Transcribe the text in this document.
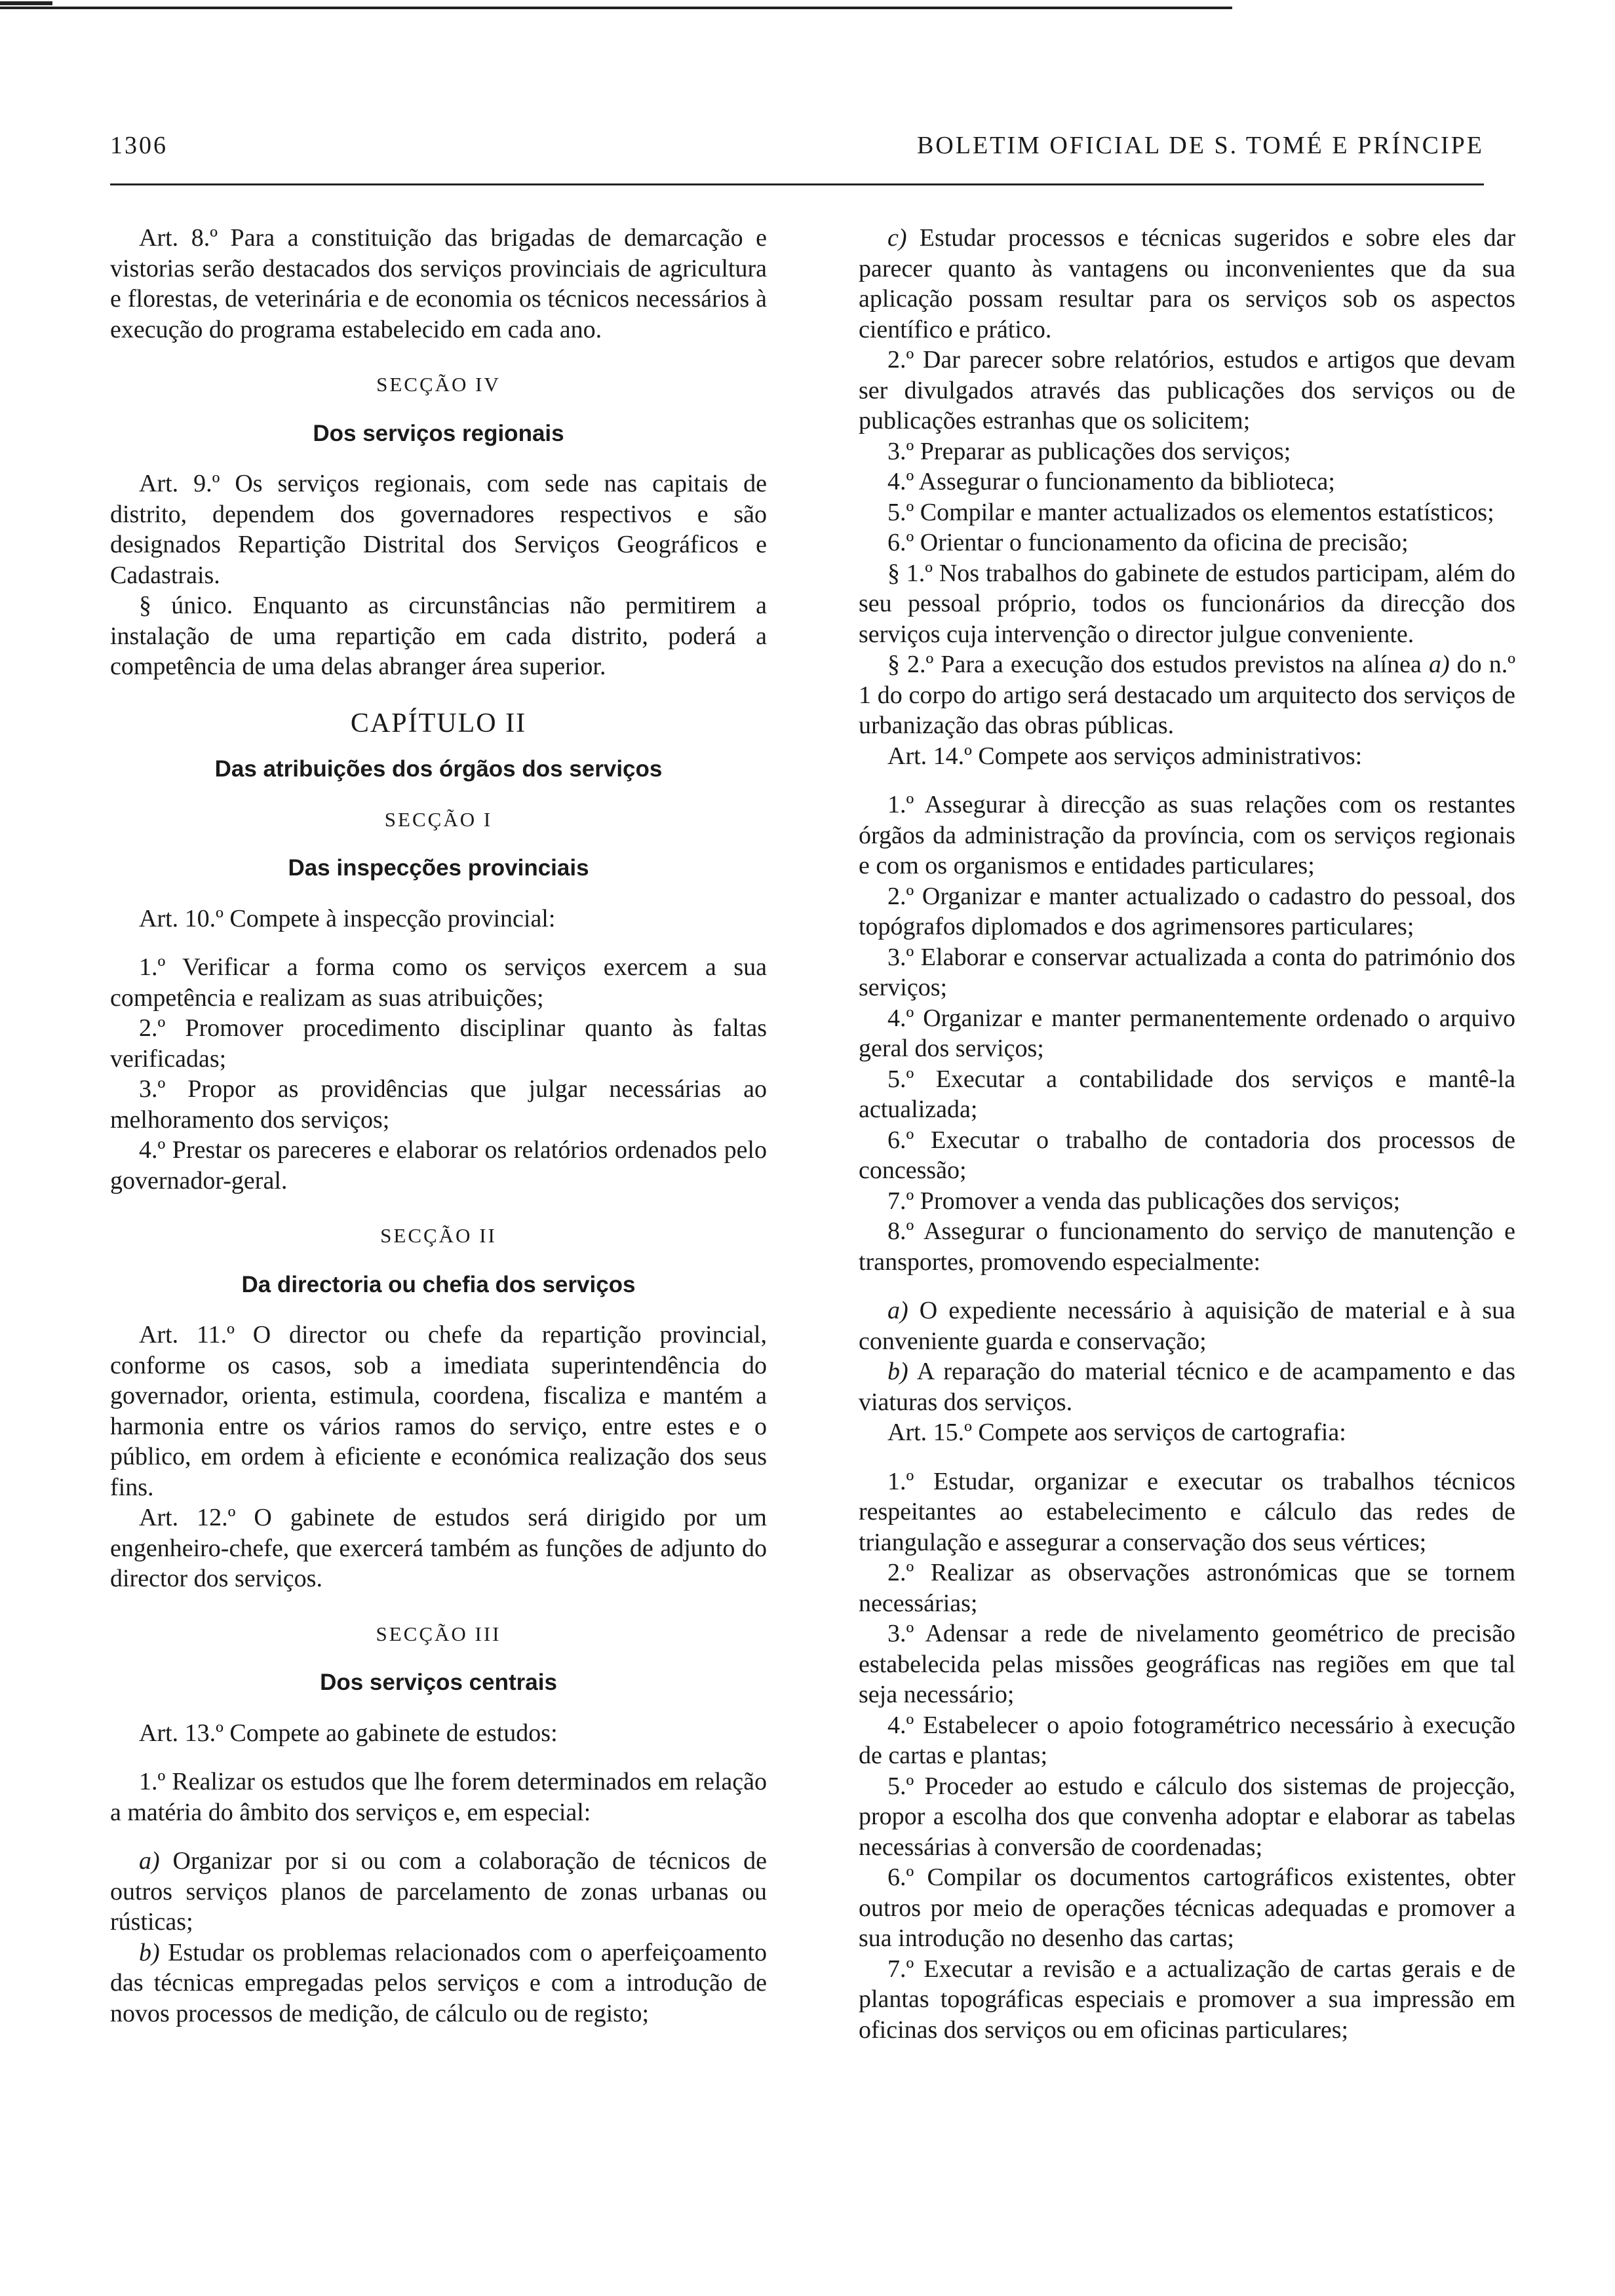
1306	BOLETIM OFICIAL DE S. TOMÉ E PRÍNCIPE

Art. 8.º Para a constituição das brigadas de demarcação e vistorias serão destacados dos serviços provinciais de agricultura e florestas, de veterinária e de economia os técnicos necessários à execução do programa estabelecido em cada ano.

SECÇÃO IV
Dos serviços regionais

Art. 9.º Os serviços regionais, com sede nas capitais de distrito, dependem dos governadores respectivos e são designados Repartição Distrital dos Serviços Geográficos e Cadastrais.

§ único. Enquanto as circunstâncias não permitirem a instalação de uma repartição em cada distrito, poderá a competência de uma delas abranger área superior.

CAPÍTULO II
Das atribuições dos órgãos dos serviços
SECÇÃO I
Das inspecções provinciais

Art. 10.º Compete à inspecção provincial:

1.º Verificar a forma como os serviços exercem a sua competência e realizam as suas atribuições;

2.º Promover procedimento disciplinar quanto às faltas verificadas;

3.º Propor as providências que julgar necessárias ao melhoramento dos serviços;

4.º Prestar os pareceres e elaborar os relatórios ordenados pelo governador-geral.

SECÇÃO II
Da directoria ou chefia dos serviços

Art. 11.º O director ou chefe da repartição provincial, conforme os casos, sob a imediata superintendência do governador, orienta, estimula, coordena, fiscaliza e mantém a harmonia entre os vários ramos do serviço, entre estes e o público, em ordem à eficiente e económica realização dos seus fins.

Art. 12.º O gabinete de estudos será dirigido por um engenheiro-chefe, que exercerá também as funções de adjunto do director dos serviços.

SECÇÃO III
Dos serviços centrais

Art. 13.º Compete ao gabinete de estudos:

1.º Realizar os estudos que lhe forem determinados em relação a matéria do âmbito dos serviços e, em especial:

a) Organizar por si ou com a colaboração de técnicos de outros serviços planos de parcelamento de zonas urbanas ou rústicas;

b) Estudar os problemas relacionados com o aperfeiçoamento das técnicas empregadas pelos serviços e com a introdução de novos processos de medição, de cálculo ou de registo;

c) Estudar processos e técnicas sugeridos e sobre eles dar parecer quanto às vantagens ou inconvenientes que da sua aplicação possam resultar para os serviços sob os aspectos científico e prático.

2.º Dar parecer sobre relatórios, estudos e artigos que devam ser divulgados através das publicações dos serviços ou de publicações estranhas que os solicitem;

3.º Preparar as publicações dos serviços;

4.º Assegurar o funcionamento da biblioteca;

5.º Compilar e manter actualizados os elementos estatísticos;

6.º Orientar o funcionamento da oficina de precisão;

§ 1.º Nos trabalhos do gabinete de estudos participam, além do seu pessoal próprio, todos os funcionários da direcção dos serviços cuja intervenção o director julgue conveniente.

§ 2.º Para a execução dos estudos previstos na alínea a) do n.º 1 do corpo do artigo será destacado um arquitecto dos serviços de urbanização das obras públicas.

Art. 14.º Compete aos serviços administrativos:

1.º Assegurar à direcção as suas relações com os restantes órgãos da administração da província, com os serviços regionais e com os organismos e entidades particulares;

2.º Organizar e manter actualizado o cadastro do pessoal, dos topógrafos diplomados e dos agrimensores particulares;

3.º Elaborar e conservar actualizada a conta do património dos serviços;

4.º Organizar e manter permanentemente ordenado o arquivo geral dos serviços;

5.º Executar a contabilidade dos serviços e mantê-la actualizada;

6.º Executar o trabalho de contadoria dos processos de concessão;

7.º Promover a venda das publicações dos serviços;

8.º Assegurar o funcionamento do serviço de manutenção e transportes, promovendo especialmente:

a) O expediente necessário à aquisição de material e à sua conveniente guarda e conservação;

b) A reparação do material técnico e de acampamento e das viaturas dos serviços.

Art. 15.º Compete aos serviços de cartografia:

1.º Estudar, organizar e executar os trabalhos técnicos respeitantes ao estabelecimento e cálculo das redes de triangulação e assegurar a conservação dos seus vértices;

2.º Realizar as observações astronómicas que se tornem necessárias;

3.º Adensar a rede de nivelamento geométrico de precisão estabelecida pelas missões geográficas nas regiões em que tal seja necessário;

4.º Estabelecer o apoio fotogramétrico necessário à execução de cartas e plantas;

5.º Proceder ao estudo e cálculo dos sistemas de projecção, propor a escolha dos que convenha adoptar e elaborar as tabelas necessárias à conversão de coordenadas;

6.º Compilar os documentos cartográficos existentes, obter outros por meio de operações técnicas adequadas e promover a sua introdução no desenho das cartas;

7.º Executar a revisão e a actualização de cartas gerais e de plantas topográficas especiais e promover a sua impressão em oficinas dos serviços ou em oficinas particulares;
